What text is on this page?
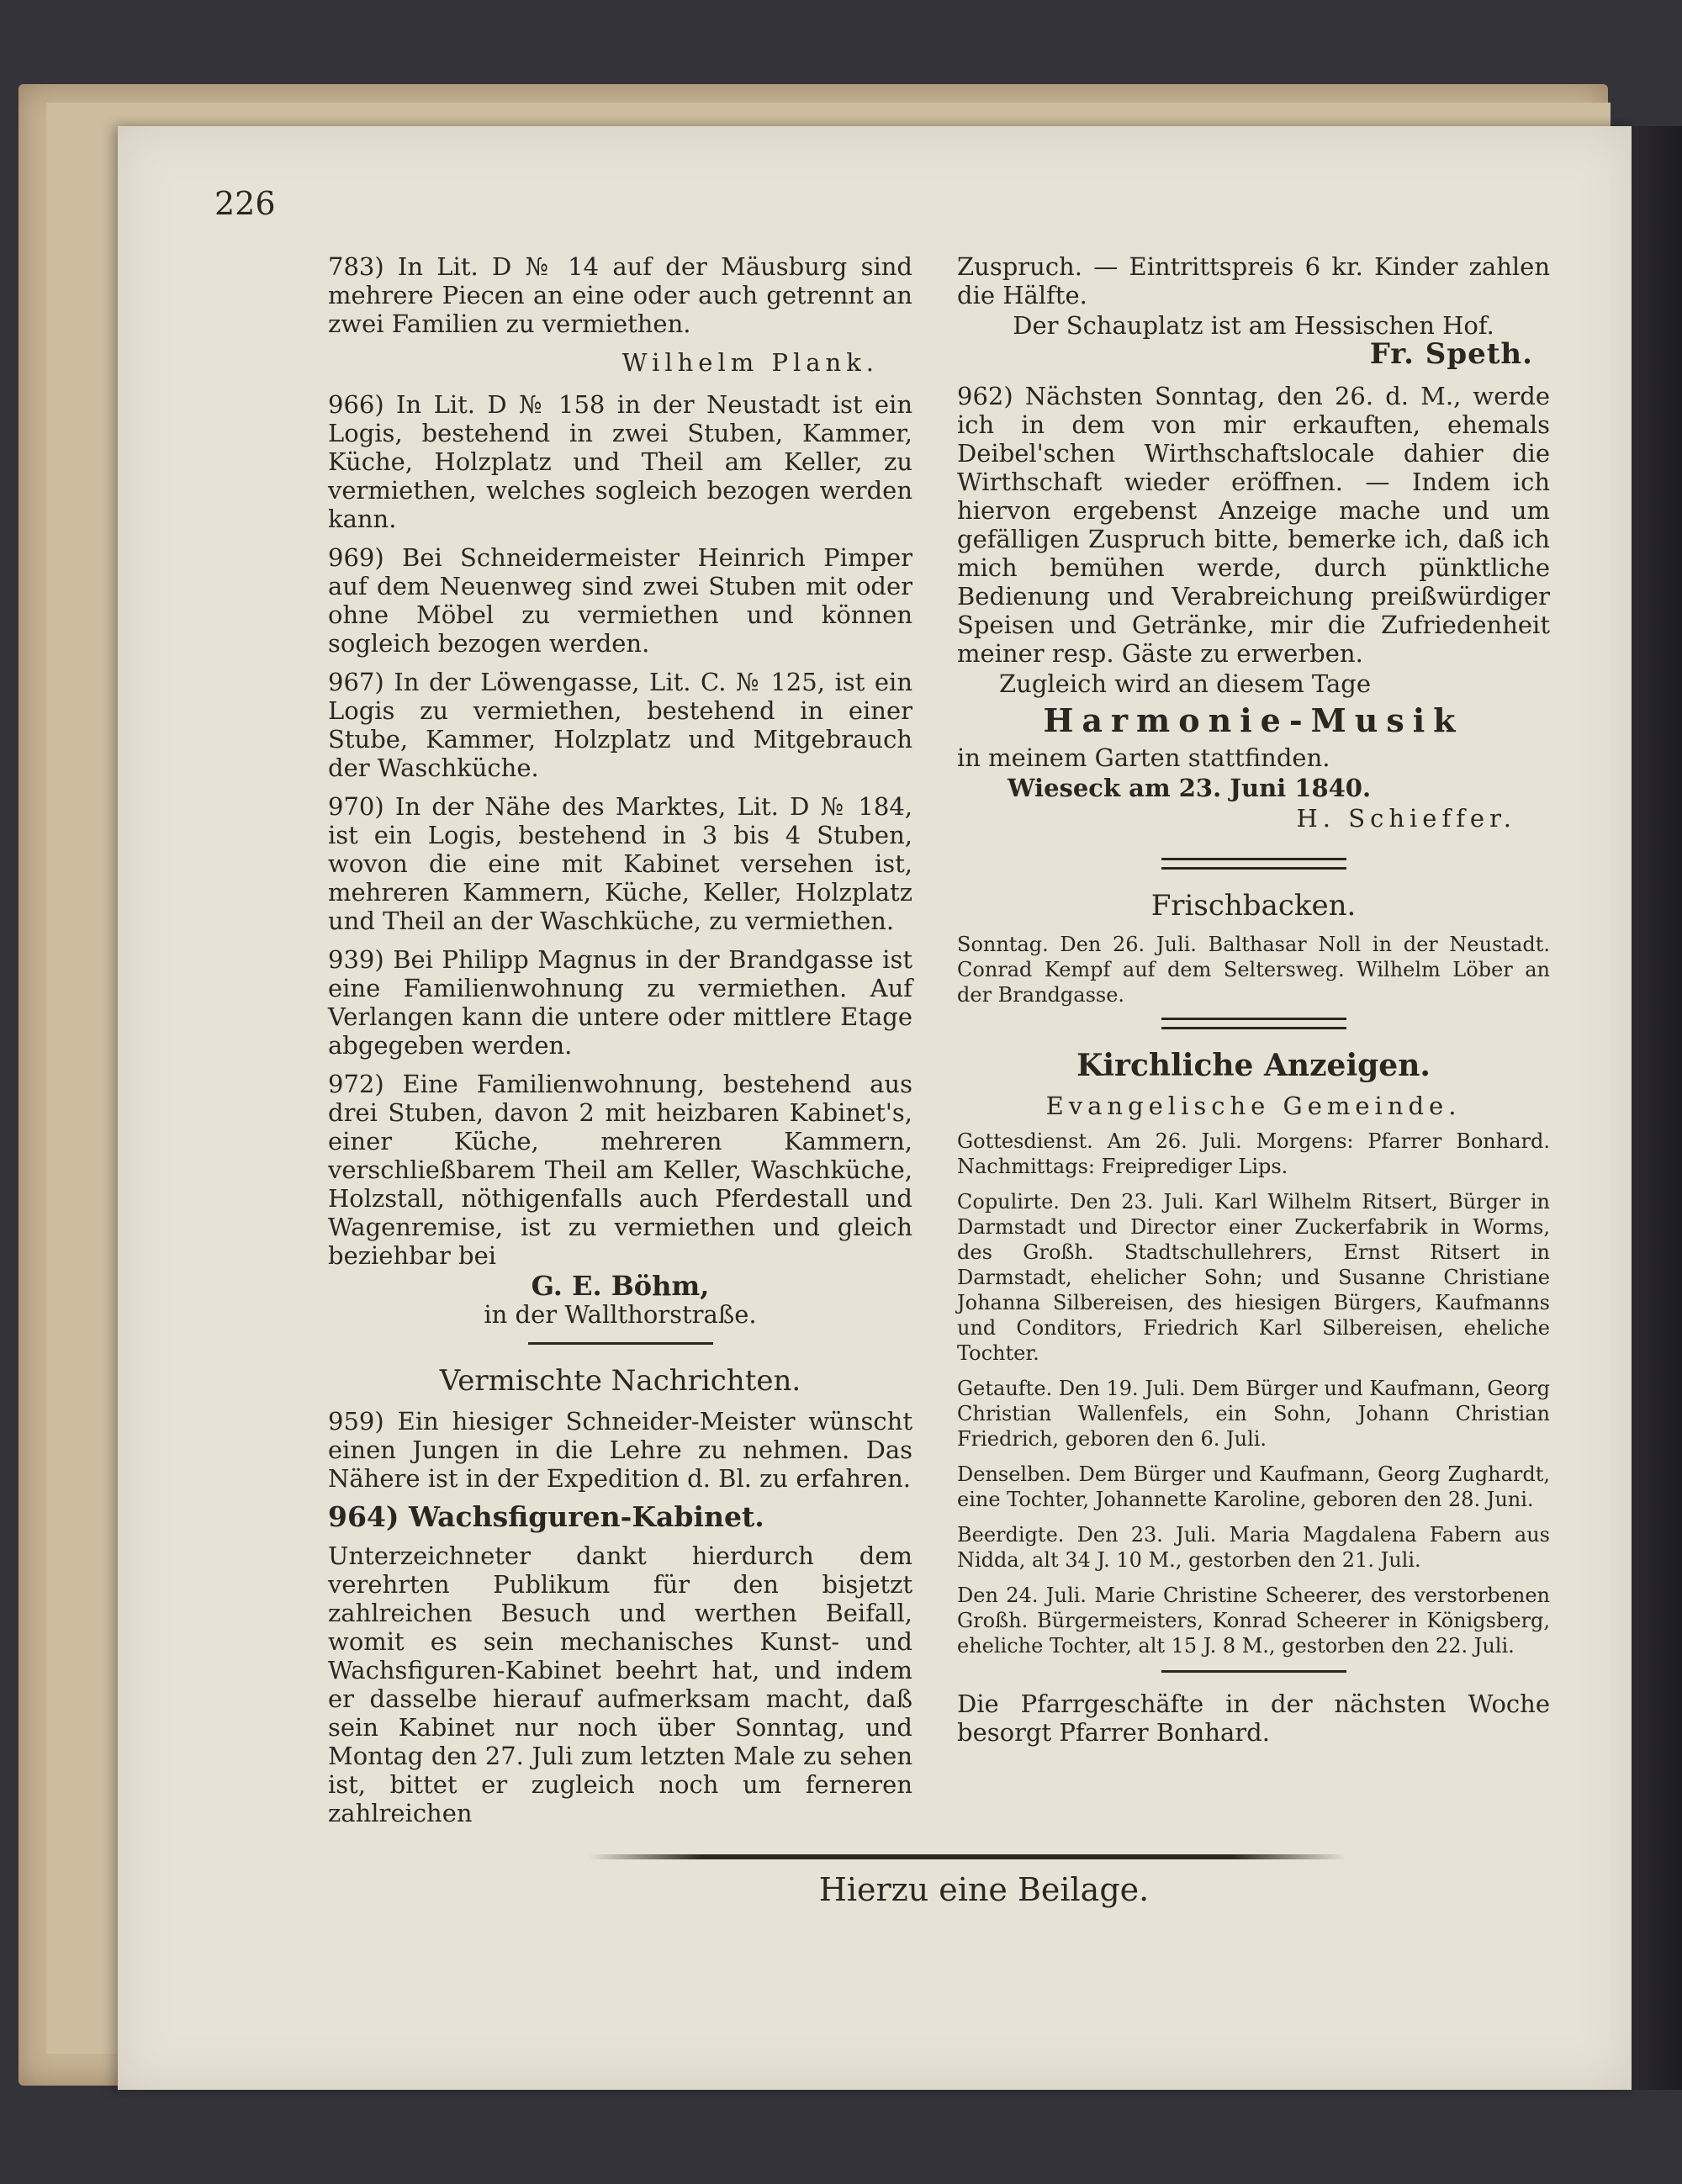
226

783) In Lit. D № 14 auf der Mäusburg sind mehrere Piecen an eine oder auch getrennt an zwei Familien zu vermiethen.

Wilhelm Plank.

966) In Lit. D № 158 in der Neustadt ist ein Logis, bestehend in zwei Stuben, Kammer, Küche, Holzplatz und Theil am Keller, zu vermiethen, welches sogleich bezogen werden kann.

969) Bei Schneidermeister Heinrich Pimper auf dem Neuenweg sind zwei Stuben mit oder ohne Möbel zu vermiethen und können sogleich bezogen werden.

967) In der Löwengasse, Lit. C. № 125, ist ein Logis zu vermiethen, bestehend in einer Stube, Kammer, Holzplatz und Mitgebrauch der Waschküche.

970) In der Nähe des Marktes, Lit. D № 184, ist ein Logis, bestehend in 3 bis 4 Stuben, wovon die eine mit Kabinet versehen ist, mehreren Kammern, Küche, Keller, Holzplatz und Theil an der Waschküche, zu vermiethen.

939) Bei Philipp Magnus in der Brandgasse ist eine Familienwohnung zu vermiethen. Auf Verlangen kann die untere oder mittlere Etage abgegeben werden.

972) Eine Familienwohnung, bestehend aus drei Stuben, davon 2 mit heizbaren Kabinet's, einer Küche, mehreren Kammern, verschließbarem Theil am Keller, Waschküche, Holzstall, nöthigenfalls auch Pferdestall und Wagenremise, ist zu vermiethen und gleich beziehbar bei

G. E. Böhm,

in der Wallthorstraße.

Vermischte Nachrichten.

959) Ein hiesiger Schneider-Meister wünscht einen Jungen in die Lehre zu nehmen. Das Nähere ist in der Expedition d. Bl. zu erfahren.

964) Wachsfiguren-Kabinet.

Unterzeichneter dankt hierdurch dem verehrten Publikum für den bisjetzt zahlreichen Besuch und werthen Beifall, womit es sein mechanisches Kunst- und Wachsfiguren-Kabinet beehrt hat, und indem er dasselbe hierauf aufmerksam macht, daß sein Kabinet nur noch über Sonntag, und Montag den 27. Juli zum letzten Male zu sehen ist, bittet er zugleich noch um ferneren zahlreichen

Zuspruch. — Eintrittspreis 6 kr. Kinder zahlen die Hälfte.

Der Schauplatz ist am Hessischen Hof.

Fr. Speth.

962) Nächsten Sonntag, den 26. d. M., werde ich in dem von mir erkauften, ehemals Deibel'schen Wirthschaftslocale dahier die Wirthschaft wieder eröffnen. — Indem ich hiervon ergebenst Anzeige mache und um gefälligen Zuspruch bitte, bemerke ich, daß ich mich bemühen werde, durch pünktliche Bedienung und Verabreichung preißwürdiger Speisen und Getränke, mir die Zufriedenheit meiner resp. Gäste zu erwerben.

Zugleich wird an diesem Tage

Harmonie-Musik

in meinem Garten stattfinden.

Wieseck am 23. Juni 1840.

H. Schieffer.

Frischbacken.

Sonntag. Den 26. Juli. Balthasar Noll in der Neustadt. Conrad Kempf auf dem Seltersweg. Wilhelm Löber an der Brandgasse.

Kirchliche Anzeigen.
Evangelische Gemeinde.

Gottesdienst. Am 26. Juli. Morgens: Pfarrer Bonhard. Nachmittags: Freiprediger Lips.

Copulirte. Den 23. Juli. Karl Wilhelm Ritsert, Bürger in Darmstadt und Director einer Zuckerfabrik in Worms, des Großh. Stadtschullehrers, Ernst Ritsert in Darmstadt, ehelicher Sohn; und Susanne Christiane Johanna Silbereisen, des hiesigen Bürgers, Kaufmanns und Conditors, Friedrich Karl Silbereisen, eheliche Tochter.

Getaufte. Den 19. Juli. Dem Bürger und Kaufmann, Georg Christian Wallenfels, ein Sohn, Johann Christian Friedrich, geboren den 6. Juli.

Denselben. Dem Bürger und Kaufmann, Georg Zughardt, eine Tochter, Johannette Karoline, geboren den 28. Juni.

Beerdigte. Den 23. Juli. Maria Magdalena Fabern aus Nidda, alt 34 J. 10 M., gestorben den 21. Juli.

Den 24. Juli. Marie Christine Scheerer, des verstorbenen Großh. Bürgermeisters, Konrad Scheerer in Königsberg, eheliche Tochter, alt 15 J. 8 M., gestorben den 22. Juli.

Die Pfarrgeschäfte in der nächsten Woche besorgt Pfarrer Bonhard.

Hierzu eine Beilage.
